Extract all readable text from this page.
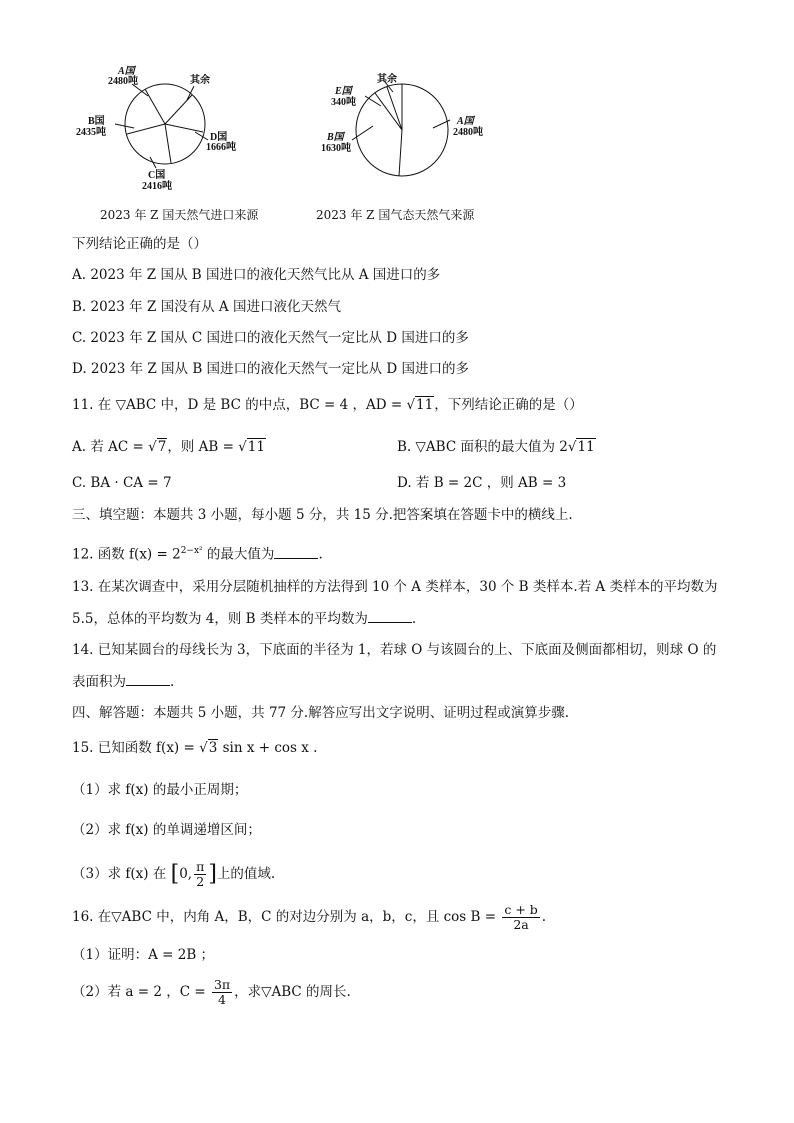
A国
2480吨	其余
D国
1666吨
C国
2416吨
B国
2435吨
2023 年 Z 国天然气进口来源
其余
E国
340吨
B国
1630吨
A国
2480吨
2023 年 Z 国气态天然气来源
下列结论正确的是（）
A. 2023 年 Z 国从 B 国进口的液化天然气比从 A 国进口的多
B. 2023 年 Z 国没有从 A 国进口液化天然气
C. 2023 年 Z 国从 C 国进口的液化天然气一定比从 D 国进口的多
D. 2023 年 Z 国从 B 国进口的液化天然气一定比从 D 国进口的多
11. 在 ▽ABC 中，D 是 BC 的中点，BC = 4 ，AD = √11，下列结论正确的是（）
A. 若 AC = √7，则 AB = √11	B. ▽ABC 面积的最大值为 2√11
C. BA · CA = 7	D. 若 B = 2C ，则 AB = 3
三、填空题：本题共 3 小题，每小题 5 分，共 15 分.把答案填在答题卡中的横线上.
12. 函数 $f(x) = 2^{2-x^2}$ 的最大值为	.
13. 在某次调查中，采用分层随机抽样的方法得到 10 个 A 类样本，30 个 B 类样本.若 A 类样本的平均数为
5.5，总体的平均数为 4，则 B 类样本的平均数为	.
14. 已知某圆台的母线长为 3，下底面的半径为 1，若球 O 与该圆台的上、下底面及侧面都相切，则球 O 的
表面积为	.
四、解答题：本题共 5 小题，共 77 分.解答应写出文字说明、证明过程或演算步骤.
15. 已知函数 f(x) = √3 sin x + cos x .
（1）求 f(x) 的最小正周期；
（2）求 f(x) 的单调递增区间；
（3）求 f(x) 在 [0, $\frac{\pi}{2}$ ]上的值域.
16. 在▽ABC 中，内角 A，B，C 的对边分别为 a，b，c，且 $\cos B = \frac{c + b}{2a}$ .
（1）证明：A = 2B ；
（2）若 a = 2 ，$C = \frac{3\pi}{4}$ ，求▽ABC 的周长.
